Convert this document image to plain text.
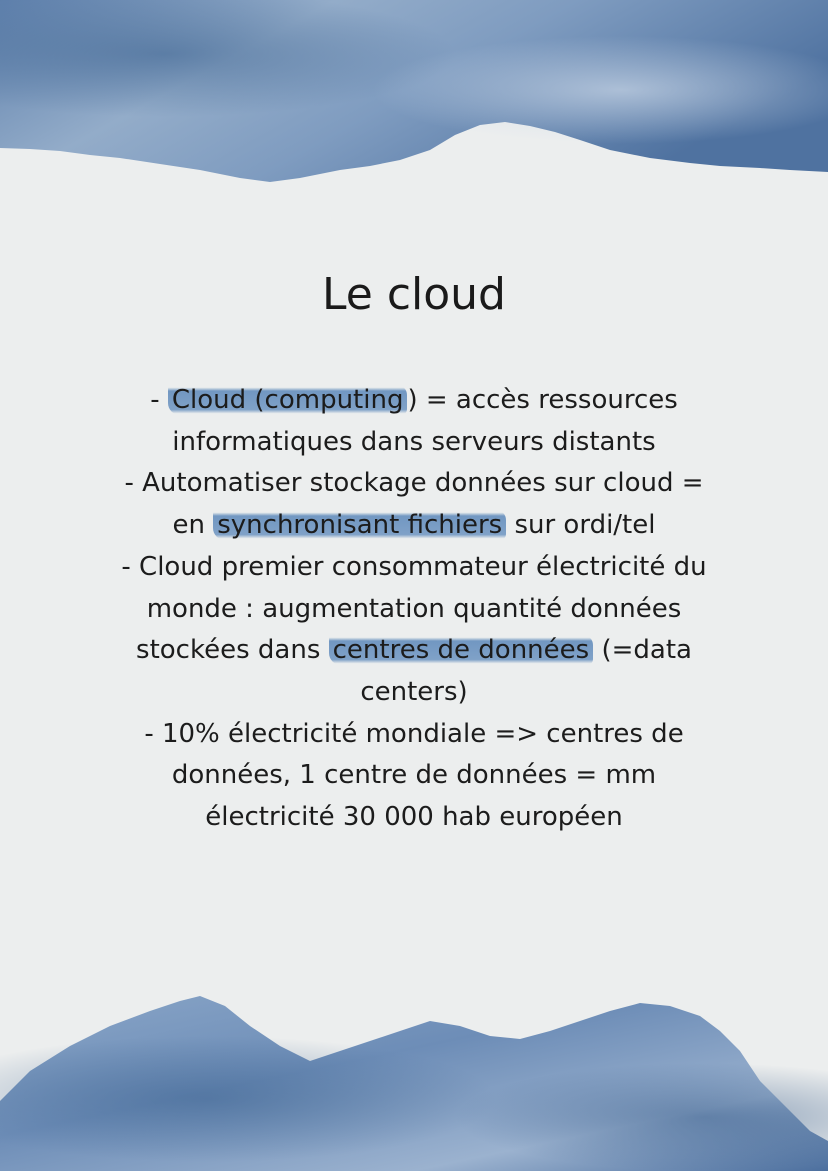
Le cloud
- Cloud (computing ) = accès ressources
informatiques dans serveurs distants
- Automatiser stockage données sur cloud =
en synchronisant fichiers sur ordi/tel
- Cloud premier consommateur électricité du
monde : augmentation quantité données
stockées dans centres de données (=data
centers)
- 10% électricité mondiale => centres de
données, 1 centre de données = mm
électricité 30 000 hab européen
